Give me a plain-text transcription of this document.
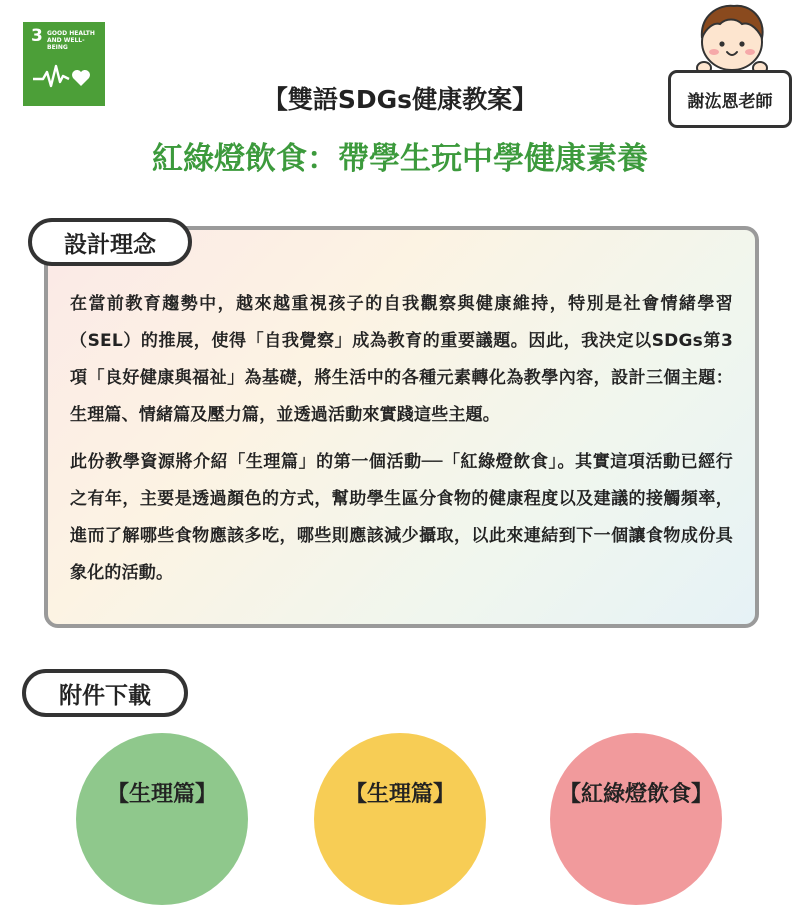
3 GOOD HEALTH
AND WELL-BEING
謝汯恩老師
【雙語SDGs健康教案】
紅綠燈飲食：帶學生玩中學健康素養

在當前教育趨勢中，越來越重視孩子的自我觀察與健康維持，特別是社會情緒學習（SEL）的推展，使得「自我覺察」成為教育的重要議題。因此，我決定以SDGs第3項「良好健康與福祉」為基礎，將生活中的各種元素轉化為教學內容，設計三個主題：生理篇、情緒篇及壓力篇，並透過活動來實踐這些主題。

此份教學資源將介紹「生理篇」的第一個活動──「紅綠燈飲食」。其實這項活動已經行之有年，主要是透過顏色的方式，幫助學生區分食物的健康程度以及建議的接觸頻率，進而了解哪些食物應該多吃，哪些則應該減少攝取，以此來連結到下一個讓食物成份具象化的活動。

設計理念
附件下載
【生理篇】	【生理篇】	【紅綠燈飲食】
